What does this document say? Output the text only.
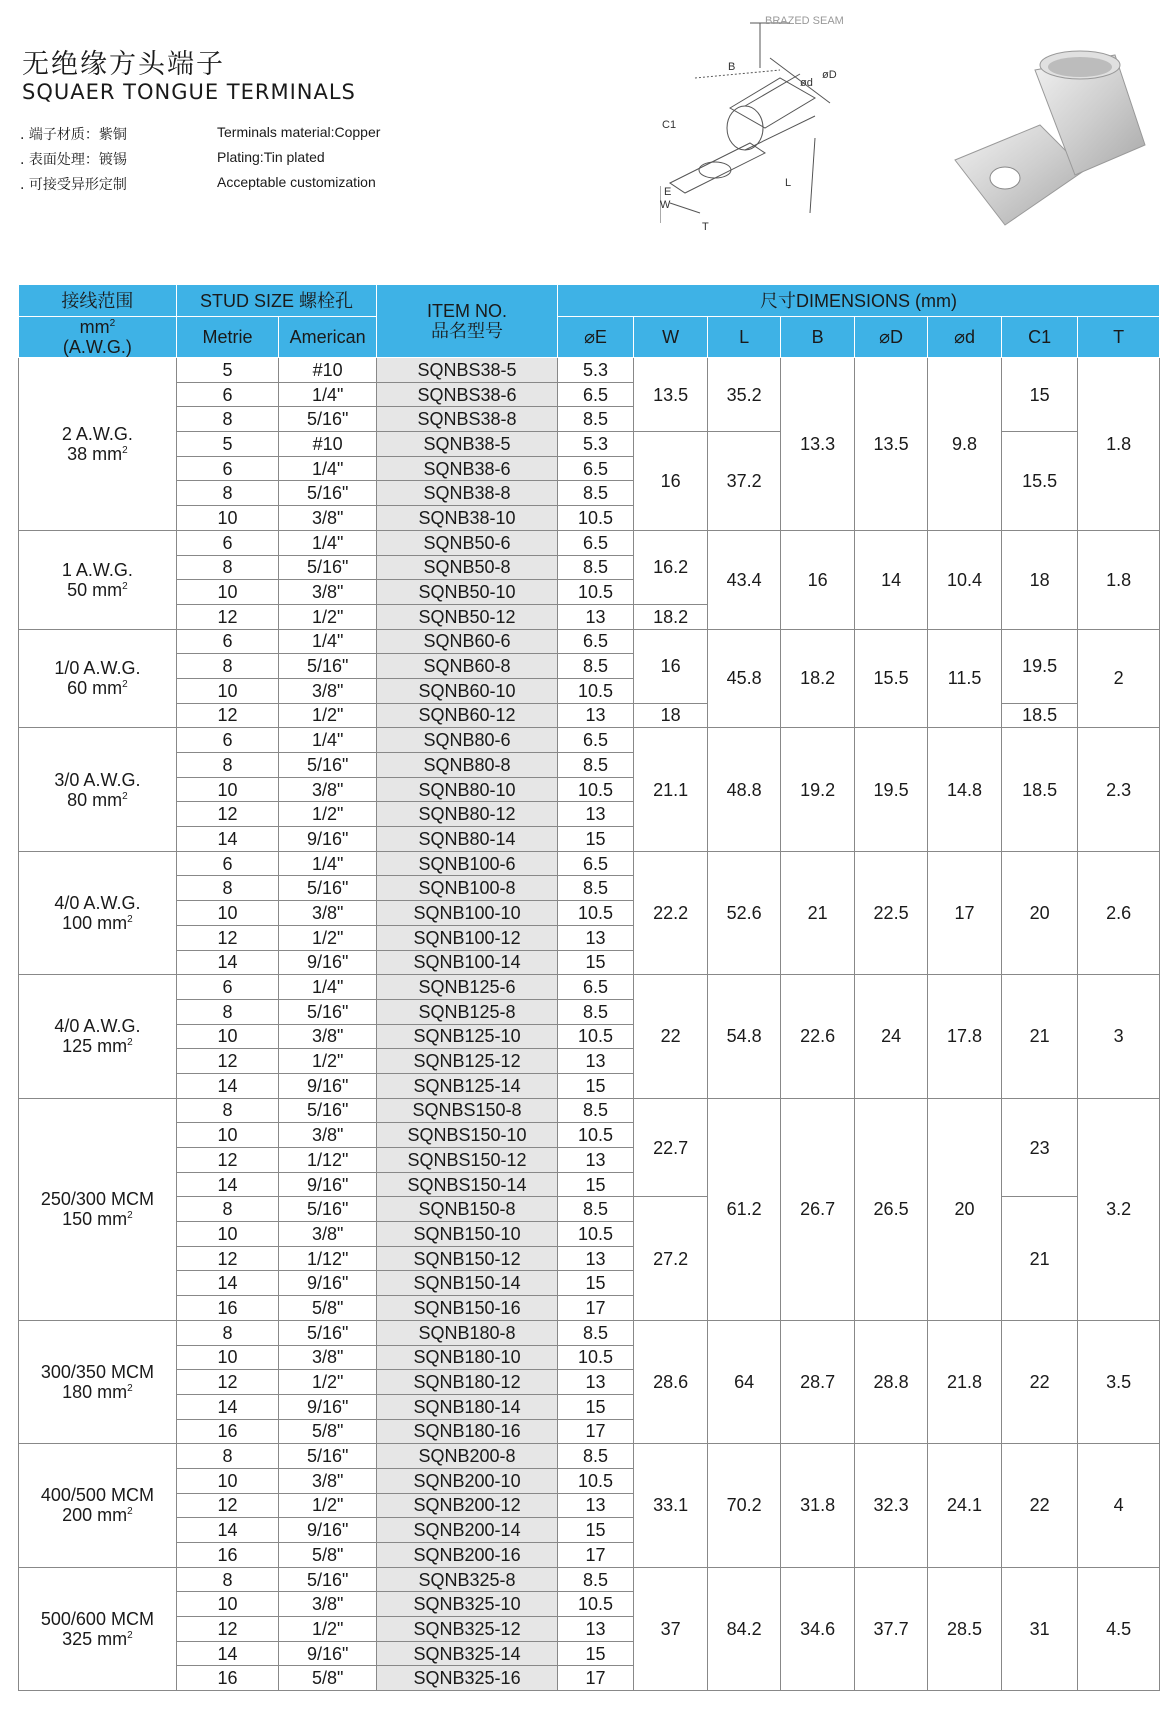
无绝缘方头端子
SQUAER TONGUE TERMINALS
. 端子材质：紫铜	Terminals material:Copper
. 表面处理：镀锡	Plating:Tin plated
. 可接受异形定制	Acceptable customization
BRAZED SEAM
B
ød
øD
C1
L
E
W
T
接线范围	STUD SIZE 螺栓孔		ITEM NO.
品名型号	尺寸DIMENSIONS (mm)							

$mm^2$
(A.W.G.)	Metrie	American		⌀E	W	L	B	⌀D	⌀d	C1	T

2 A.W.G.
38 $mm^2$	5	#10	SQNBS38-5	5.3	13.5	35.2	13.3	13.5	9.8	15	1.8
	6	1/4"	SQNBS38-6	6.5							
	8	5/16"	SQNBS38-8	8.5							
	5	#10	SQNB38-5	5.3	16	37.2				15.5	
	6	1/4"	SQNB38-6	6.5							
	8	5/16"	SQNB38-8	8.5							
	10	3/8"	SQNB38-10	10.5							

1 A.W.G.
50 $mm^2$	6	1/4"	SQNB50-6	6.5	16.2	43.4	16	14	10.4	18	1.8
	8	5/16"	SQNB50-8	8.5							
	10	3/8"	SQNB50-10	10.5							
	12	1/2"	SQNB50-12	13	18.2						

1/0 A.W.G.
60 $mm^2$	6	1/4"	SQNB60-6	6.5	16	45.8	18.2	15.5	11.5	19.5	2
	8	5/16"	SQNB60-8	8.5							
	10	3/8"	SQNB60-10	10.5							
	12	1/2"	SQNB60-12	13	18					18.5	

3/0 A.W.G.
80 $mm^2$	6	1/4"	SQNB80-6	6.5	21.1	48.8	19.2	19.5	14.8	18.5	2.3
	8	5/16"	SQNB80-8	8.5							
	10	3/8"	SQNB80-10	10.5							
	12	1/2"	SQNB80-12	13							
	14	9/16"	SQNB80-14	15							

4/0 A.W.G.
100 $mm^2$	6	1/4"	SQNB100-6	6.5	22.2	52.6	21	22.5	17	20	2.6
	8	5/16"	SQNB100-8	8.5							
	10	3/8"	SQNB100-10	10.5							
	12	1/2"	SQNB100-12	13							
	14	9/16"	SQNB100-14	15							

4/0 A.W.G.
125 $mm^2$	6	1/4"	SQNB125-6	6.5	22	54.8	22.6	24	17.8	21	3
	8	5/16"	SQNB125-8	8.5							
	10	3/8"	SQNB125-10	10.5							
	12	1/2"	SQNB125-12	13							
	14	9/16"	SQNB125-14	15							

250/300 MCM
150 $mm^2$	8	5/16"	SQNBS150-8	8.5	22.7	61.2	26.7	26.5	20	23	3.2
	10	3/8"	SQNBS150-10	10.5							
	12	1/12"	SQNBS150-12	13							
	14	9/16"	SQNBS150-14	15							
	8	5/16"	SQNB150-8	8.5	27.2					21	
	10	3/8"	SQNB150-10	10.5							
	12	1/12"	SQNB150-12	13							
	14	9/16"	SQNB150-14	15							
	16	5/8"	SQNB150-16	17							

300/350 MCM
180 $mm^2$	8	5/16"	SQNB180-8	8.5	28.6	64	28.7	28.8	21.8	22	3.5
	10	3/8"	SQNB180-10	10.5							
	12	1/2"	SQNB180-12	13							
	14	9/16"	SQNB180-14	15							
	16	5/8"	SQNB180-16	17							

400/500 MCM
200 $mm^2$	8	5/16"	SQNB200-8	8.5	33.1	70.2	31.8	32.3	24.1	22	4
	10	3/8"	SQNB200-10	10.5							
	12	1/2"	SQNB200-12	13							
	14	9/16"	SQNB200-14	15							
	16	5/8"	SQNB200-16	17							

500/600 MCM
325 $mm^2$	8	5/16"	SQNB325-8	8.5	37	84.2	34.6	37.7	28.5	31	4.5
	10	3/8"	SQNB325-10	10.5							
	12	1/2"	SQNB325-12	13							
	14	9/16"	SQNB325-14	15							
	16	5/8"	SQNB325-16	17							
